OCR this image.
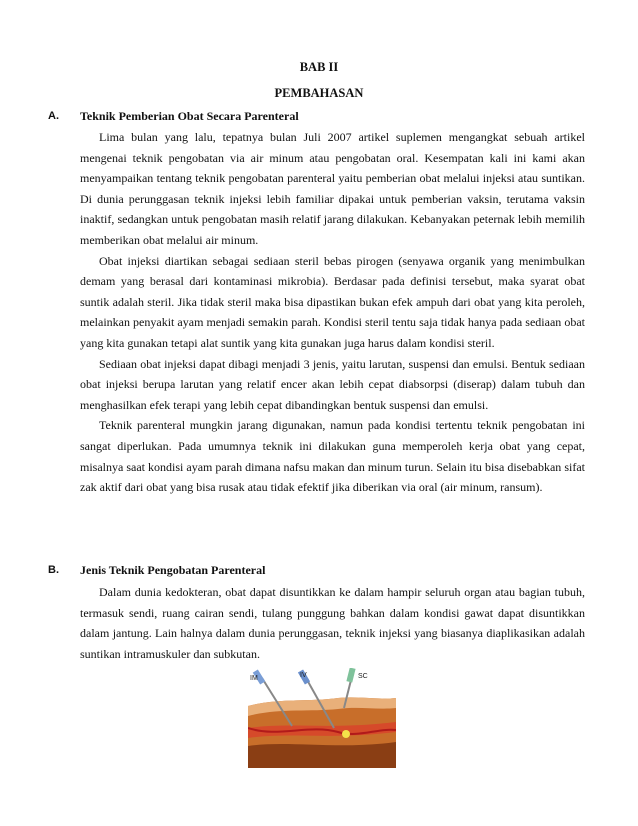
BAB II
PEMBAHASAN
A. Teknik Pemberian Obat Secara Parenteral

Lima bulan yang lalu, tepatnya bulan Juli 2007 artikel suplemen mengangkat sebuah artikel mengenai teknik pengobatan via air minum atau pengobatan oral. Kesempatan kali ini kami akan menyampaikan tentang teknik pengobatan parenteral yaitu pemberian obat melalui injeksi atau suntikan. Di dunia perunggasan teknik injeksi lebih familiar dipakai untuk pemberian vaksin, terutama vaksin inaktif, sedangkan untuk pengobatan masih relatif jarang dilakukan. Kebanyakan peternak lebih memilih memberikan obat melalui air minum.

Obat injeksi diartikan sebagai sediaan steril bebas pirogen (senyawa organik yang menimbulkan demam yang berasal dari kontaminasi mikrobia). Berdasar pada definisi tersebut, maka syarat obat suntik adalah steril. Jika tidak steril maka bisa dipastikan bukan efek ampuh dari obat yang kita peroleh, melainkan penyakit ayam menjadi semakin parah. Kondisi steril tentu saja tidak hanya pada sediaan obat yang kita gunakan tetapi alat suntik yang kita gunakan juga harus dalam kondisi steril.

Sediaan obat injeksi dapat dibagi menjadi 3 jenis, yaitu larutan, suspensi dan emulsi. Bentuk sediaan obat injeksi berupa larutan yang relatif encer akan lebih cepat diabsorpsi (diserap) dalam tubuh dan menghasilkan efek terapi yang lebih cepat dibandingkan bentuk suspensi dan emulsi.

Teknik parenteral mungkin jarang digunakan, namun pada kondisi tertentu teknik pengobatan ini sangat diperlukan. Pada umumnya teknik ini dilakukan guna memperoleh kerja obat yang cepat, misalnya saat kondisi ayam parah dimana nafsu makan dan minum turun. Selain itu bisa disebabkan sifat zak aktif dari obat yang bisa rusak atau tidak efektif jika diberikan via oral (air minum, ransum).

B. Jenis Teknik Pengobatan Parenteral

Dalam dunia kedokteran, obat dapat disuntikkan ke dalam hampir seluruh organ atau bagian tubuh, termasuk sendi, ruang cairan sendi, tulang punggung bahkan dalam kondisi gawat dapat disuntikkan dalam jantung. Lain halnya dalam dunia perunggasan, teknik injeksi yang biasanya diaplikasikan adalah suntikan intramuskuler dan subkutan.

IM	IV	SC
